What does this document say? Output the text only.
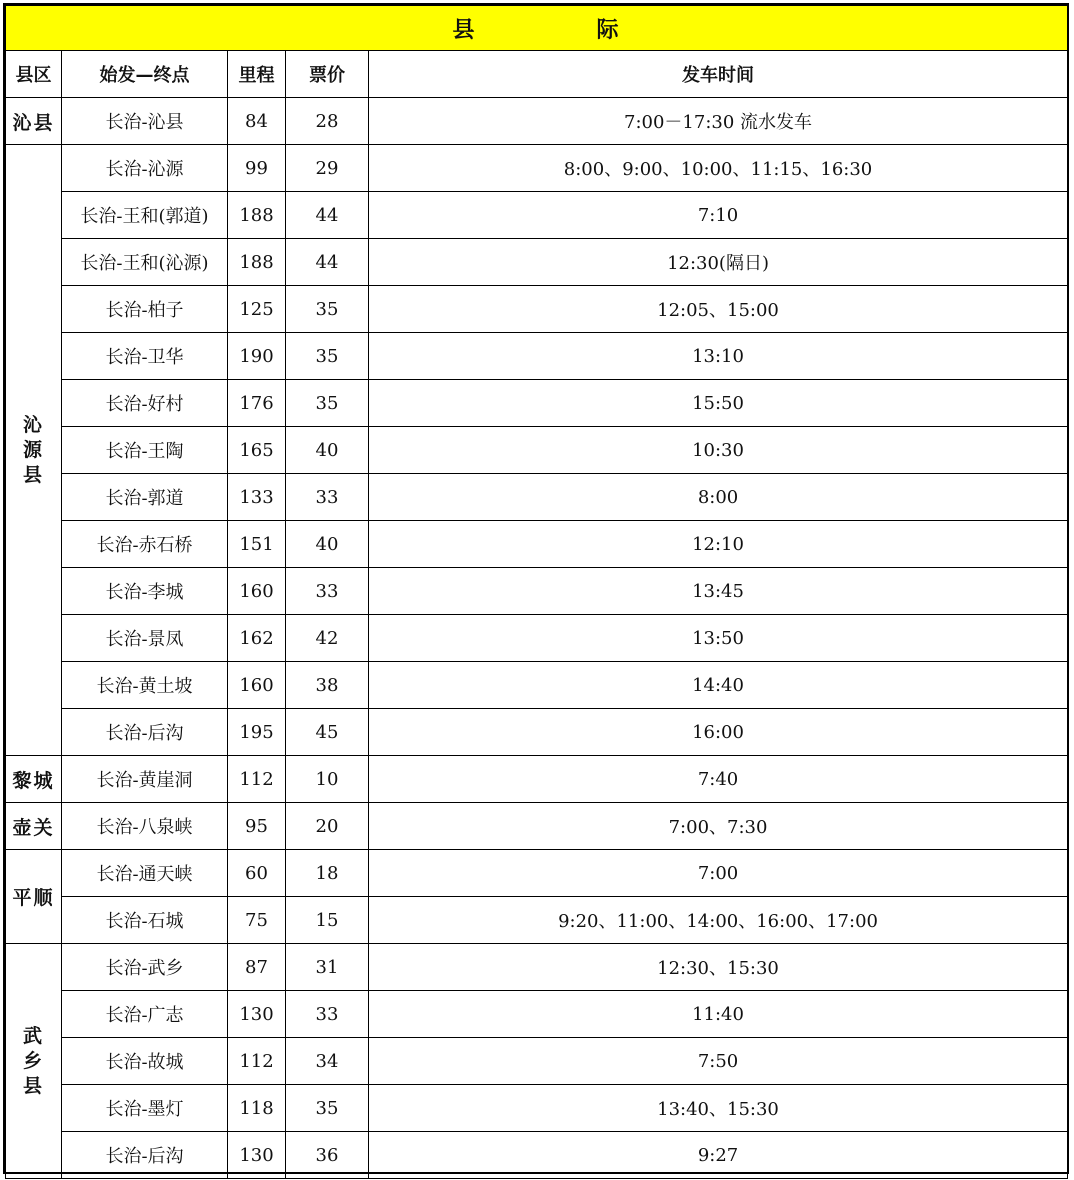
县 际				
县区	始发—终点	里程	票价	发车时间
沁县	长治-沁县	84	28	7:00－17:30 流水发车

沁
源
县	长治-沁源	99	29	8:00、9:00、10:00、11:15、16:30
	长治-王和(郭道)	188	44	7:10
	长治-王和(沁源)	188	44	12:30(隔日)
	长治-柏子	125	35	12:05、15:00
	长治-卫华	190	35	13:10
	长治-好村	176	35	15:50
	长治-王陶	165	40	10:30
	长治-郭道	133	33	8:00
	长治-赤石桥	151	40	12:10
	长治-李城	160	33	13:45
	长治-景凤	162	42	13:50
	长治-黄土坡	160	38	14:40
	长治-后沟	195	45	16:00
黎城	长治-黄崖洞	112	10	7:40
壶关	长治-八泉峡	95	20	7:00、7:30
平顺	长治-通天峡	60	18	7:00
	长治-石城	75	15	9:20、11:00、14:00、16:00、17:00

武
乡
县	长治-武乡	87	31	12:30、15:30
	长治-广志	130	33	11:40
	长治-故城	112	34	7:50
	长治-墨灯	118	35	13:40、15:30
	长治-后沟	130	36	9:27
